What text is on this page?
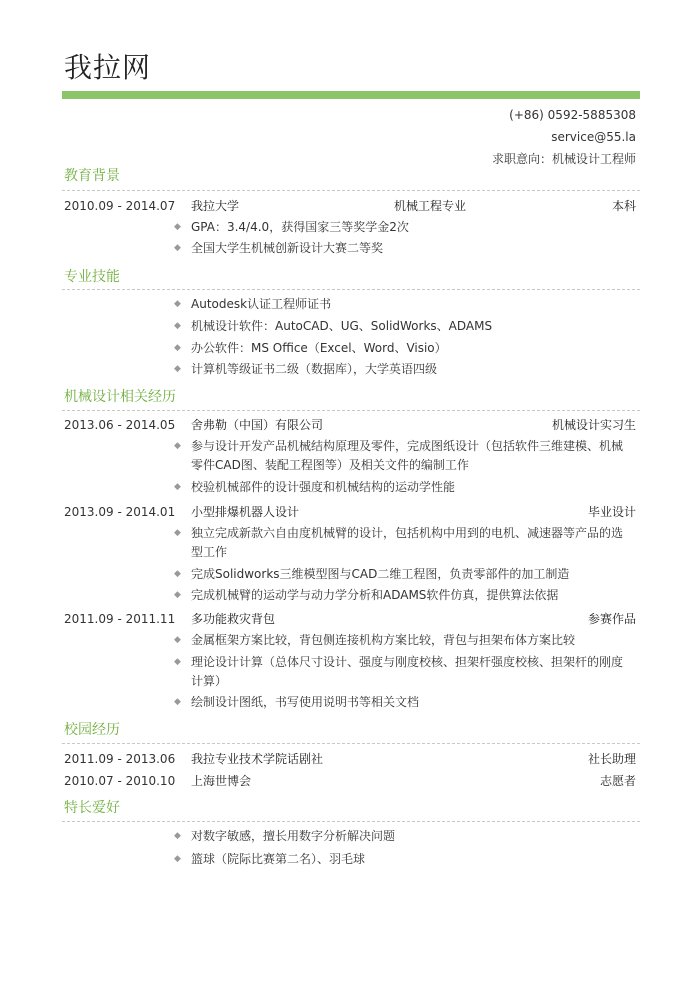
我拉网
(+86) 0592-5885308
service@55.la
求职意向：机械设计工程师
教育背景
2010.09 - 2014.07 我拉大学	机械工程专业	本科
◆ GPA：3.4/4.0，获得国家三等奖学金2次
◆ 全国大学生机械创新设计大赛二等奖
专业技能
◆ Autodesk认证工程师证书
◆ 机械设计软件：AutoCAD、UG、SolidWorks、ADAMS
◆ 办公软件：MS Office（Excel、Word、Visio）
◆ 计算机等级证书二级（数据库），大学英语四级
机械设计相关经历
2013.06 - 2014.05 舍弗勒（中国）有限公司	机械设计实习生
◆ 参与设计开发产品机械结构原理及零件，完成图纸设计（包括软件三维建模、机械
零件CAD图、装配工程图等）及相关文件的编制工作
◆ 校验机械部件的设计强度和机械结构的运动学性能
2013.09 - 2014.01 小型排爆机器人设计	毕业设计
◆ 独立完成新款六自由度机械臂的设计，包括机构中用到的电机、减速器等产品的选
型工作
◆ 完成Solidworks三维模型图与CAD二维工程图，负责零部件的加工制造
◆ 完成机械臂的运动学与动力学分析和ADAMS软件仿真，提供算法依据
2011.09 - 2011.11 多功能救灾背包	参赛作品
◆ 金属框架方案比较，背包侧连接机构方案比较，背包与担架布体方案比较
◆ 理论设计计算（总体尺寸设计、强度与刚度校核、担架杆强度校核、担架杆的刚度
计算）
◆ 绘制设计图纸，书写使用说明书等相关文档
校园经历
2011.09 - 2013.06 我拉专业技术学院话剧社	社长助理
2010.07 - 2010.10 上海世博会	志愿者
特长爱好
◆ 对数字敏感，擅长用数字分析解决问题
◆ 篮球（院际比赛第二名）、羽毛球
